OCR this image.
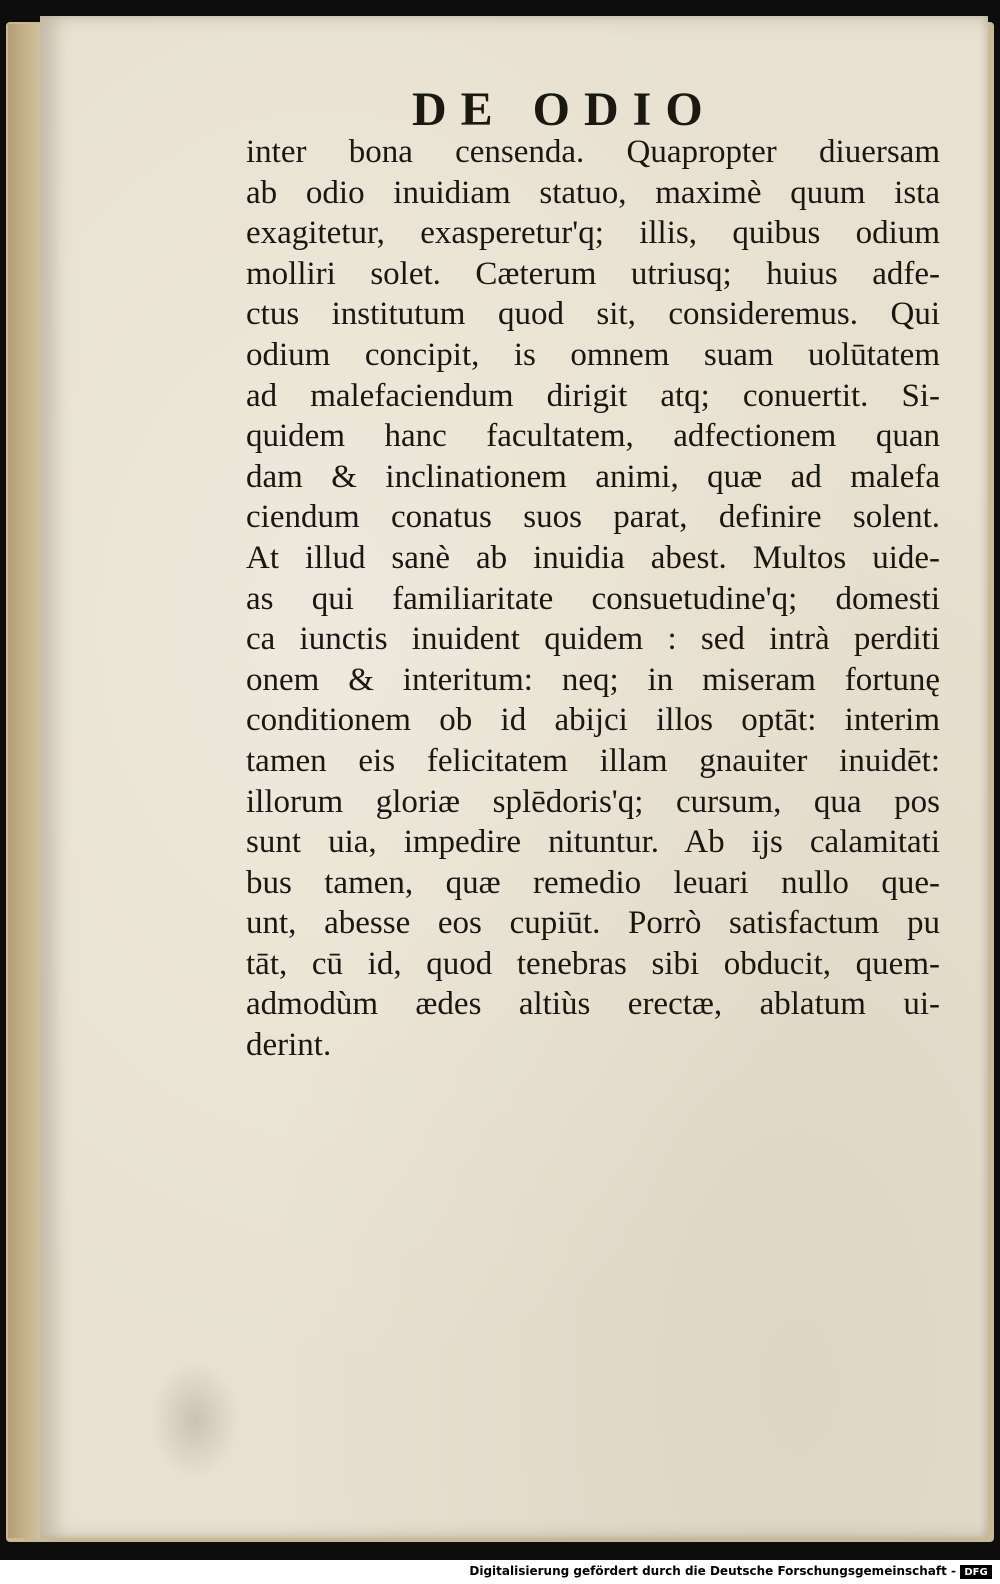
DE ODIO
inter bona censenda. Quapropter diuersam
ab odio inuidiam statuo, maximè quum ista
exagitetur, exasperetur'q; illis, quibus odium
molliri solet. Cæterum utriusq; huius adfe-
ctus institutum quod sit, consideremus. Qui
odium concipit, is omnem suam uolūtatem
ad malefaciendum dirigit atq; conuertit. Si-
quidem hanc facultatem, adfectionem quan
dam & inclinationem animi, quæ ad malefa
ciendum conatus suos parat, definire solent.
At illud sanè ab inuidia abest. Multos uide-
as qui familiaritate consuetudine'q; domesti
ca iunctis inuident quidem : sed intrà perditi
onem & interitum: neq; in miseram fortunę
conditionem ob id abijci illos optāt: interim
tamen eis felicitatem illam gnauiter inuidēt:
illorum gloriæ splēdoris'q; cursum, qua pos
sunt uia, impedire nituntur. Ab ijs calamitati
bus tamen, quæ remedio leuari nullo que-
unt, abesse eos cupiūt. Porrò satisfactum pu
tāt, cū id, quod tenebras sibi obducit, quem-
admodùm ædes altiùs erectæ, ablatum ui-
derint.
Digitalisierung gefördert durch die Deutsche Forschungsgemeinschaft - DFG
